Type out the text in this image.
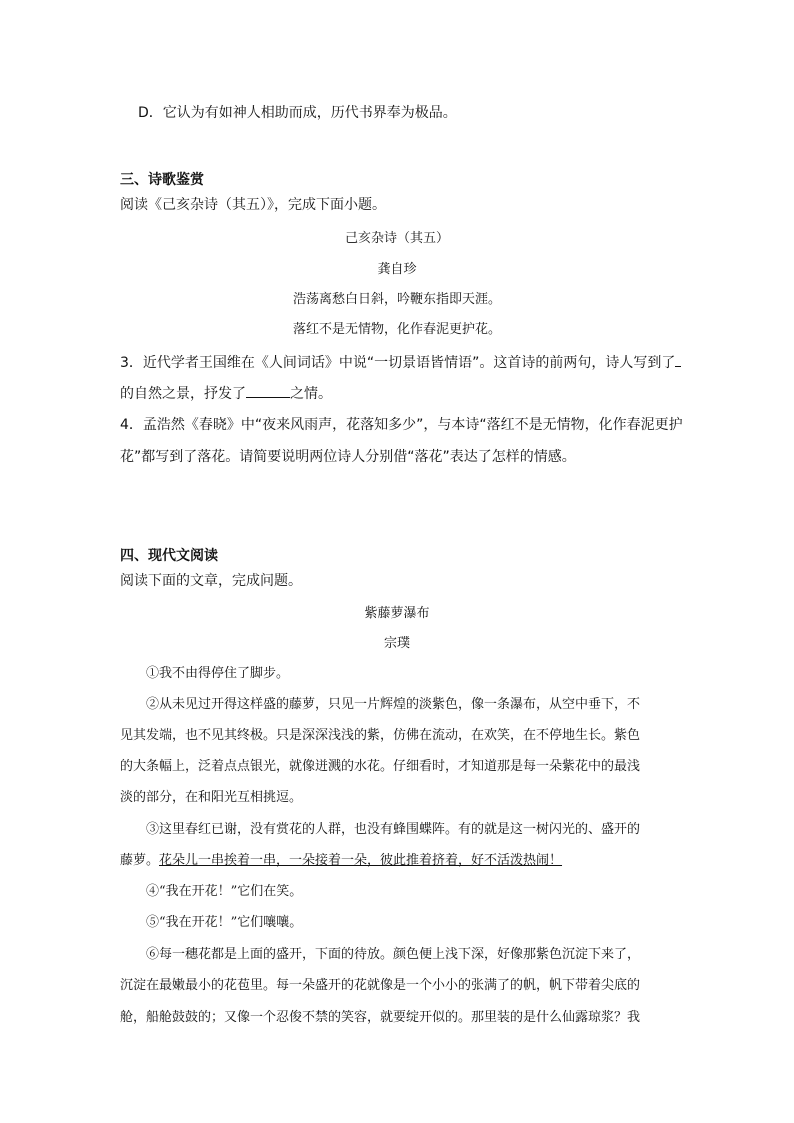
D．它认为有如神人相助而成，历代书界奉为极品。
三、诗歌鉴赏
阅读《己亥杂诗（其五）》，完成下面小题。
己亥杂诗（其五）
龚自珍
浩荡离愁白日斜，吟鞭东指即天涯。
落红不是无情物，化作春泥更护花。
3．近代学者王国维在《人间词话》中说“一切景语皆情语”。这首诗的前两句，诗人写到了
的自然之景，抒发了	之情。
4．孟浩然《春晓》中“夜来风雨声，花落知多少”，与本诗“落红不是无情物，化作春泥更护
花”都写到了落花。请简要说明两位诗人分别借“落花”表达了怎样的情感。
四、现代文阅读
阅读下面的文章，完成问题。
紫藤萝瀑布
宗璞
①我不由得停住了脚步。
②从未见过开得这样盛的藤萝，只见一片辉煌的淡紫色，像一条瀑布，从空中垂下，不
见其发端，也不见其终极。只是深深浅浅的紫，仿佛在流动，在欢笑，在不停地生长。紫色
的大条幅上，泛着点点银光，就像迸溅的水花。仔细看时，才知道那是每一朵紫花中的最浅
淡的部分，在和阳光互相挑逗。
③这里春红已谢，没有赏花的人群，也没有蜂围蝶阵。有的就是这一树闪光的、盛开的
藤萝。花朵儿一串挨着一串，一朵接着一朵，彼此推着挤着，好不活泼热闹！
④“我在开花！”它们在笑。
⑤“我在开花！”它们嚷嚷。
⑥每一穗花都是上面的盛开，下面的待放。颜色便上浅下深，好像那紫色沉淀下来了，
沉淀在最嫩最小的花苞里。每一朵盛开的花就像是一个小小的张满了的帆，帆下带着尖底的
舱，船舱鼓鼓的；又像一个忍俊不禁的笑容，就要绽开似的。那里装的是什么仙露琼浆？我
